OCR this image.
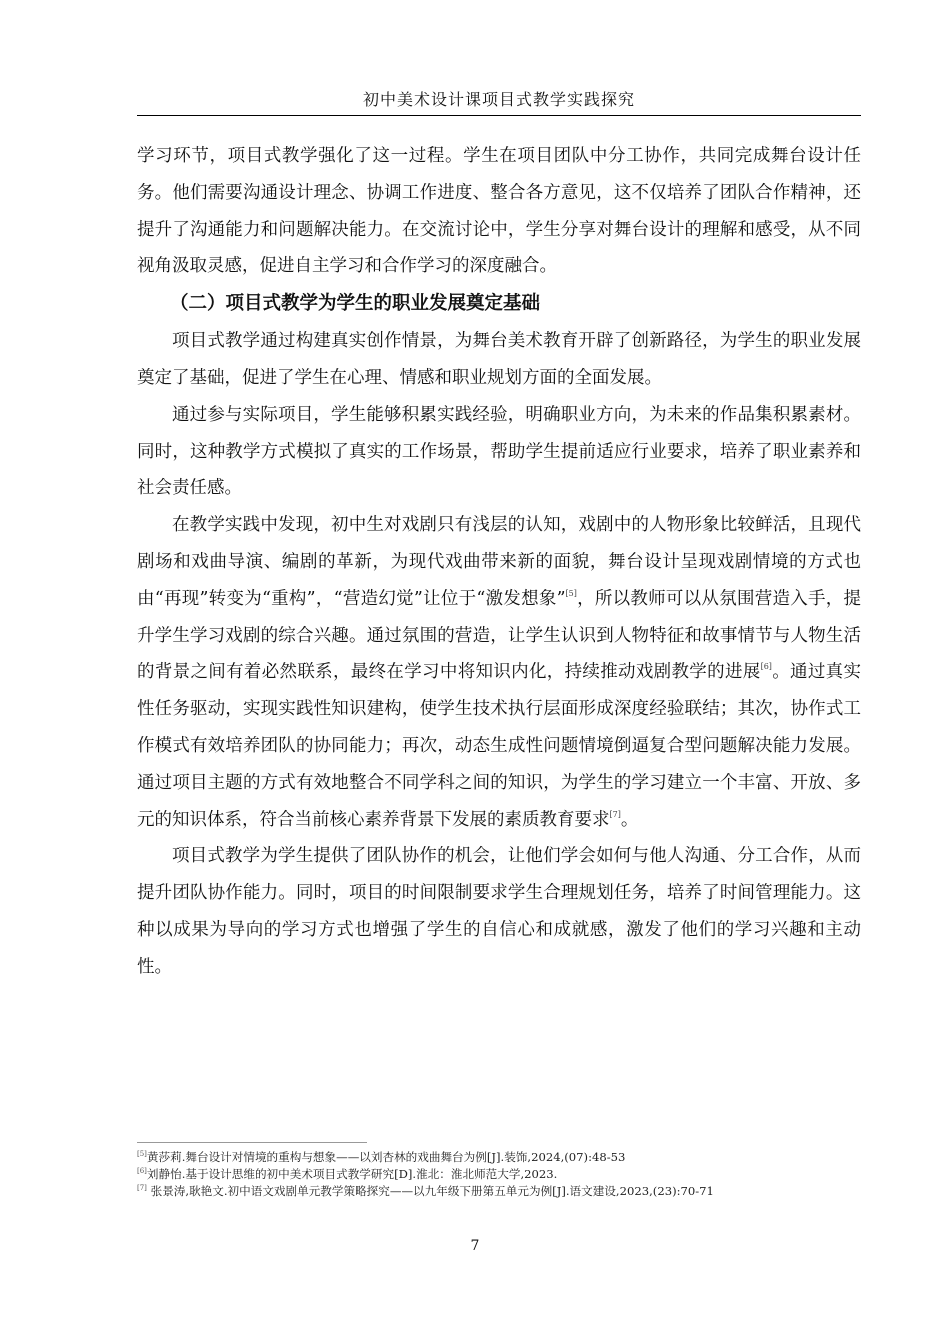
初中美术设计课项目式教学实践探究

学习环节，项目式教学强化了这一过程。学生在项目团队中分工协作，共同完成舞台设计任务。他们需要沟通设计理念、协调工作进度、整合各方意见，这不仅培养了团队合作精神，还提升了沟通能力和问题解决能力。在交流讨论中，学生分享对舞台设计的理解和感受，从不同视角汲取灵感，促进自主学习和合作学习的深度融合。

（二）项目式教学为学生的职业发展奠定基础

项目式教学通过构建真实创作情景，为舞台美术教育开辟了创新路径，为学生的职业发展奠定了基础，促进了学生在心理、情感和职业规划方面的全面发展。

通过参与实际项目，学生能够积累实践经验，明确职业方向，为未来的作品集积累素材。同时，这种教学方式模拟了真实的工作场景，帮助学生提前适应行业要求，培养了职业素养和社会责任感。

在教学实践中发现，初中生对戏剧只有浅层的认知，戏剧中的人物形象比较鲜活，且现代剧场和戏曲导演、编剧的革新，为现代戏曲带来新的面貌，舞台设计呈现戏剧情境的方式也由“再现”转变为“重构”，“营造幻觉”让位于“激发想象”[5]，所以教师可以从氛围营造入手，提升学生学习戏剧的综合兴趣。通过氛围的营造，让学生认识到人物特征和故事情节与人物生活的背景之间有着必然联系，最终在学习中将知识内化，持续推动戏剧教学的进展[6]。通过真实性任务驱动，实现实践性知识建构，使学生技术执行层面形成深度经验联结；其次，协作式工作模式有效培养团队的协同能力；再次，动态生成性问题情境倒逼复合型问题解决能力发展。通过项目主题的方式有效地整合不同学科之间的知识，为学生的学习建立一个丰富、开放、多元的知识体系，符合当前核心素养背景下发展的素质教育要求[7]。

项目式教学为学生提供了团队协作的机会，让他们学会如何与他人沟通、分工合作，从而提升团队协作能力。同时，项目的时间限制要求学生合理规划任务，培养了时间管理能力。这种以成果为导向的学习方式也增强了学生的自信心和成就感，激发了他们的学习兴趣和主动性。

[5]黄莎莉.舞台设计对情境的重构与想象——以刘杏林的戏曲舞台为例[J].装饰,2024,(07):48-53
[6]刘静怡.基于设计思维的初中美术项目式教学研究[D].淮北：淮北师范大学,2023.
[7] 张景涛,耿艳文.初中语文戏剧单元教学策略探究——以九年级下册第五单元为例[J].语文建设,2023,(23):70-71
7
